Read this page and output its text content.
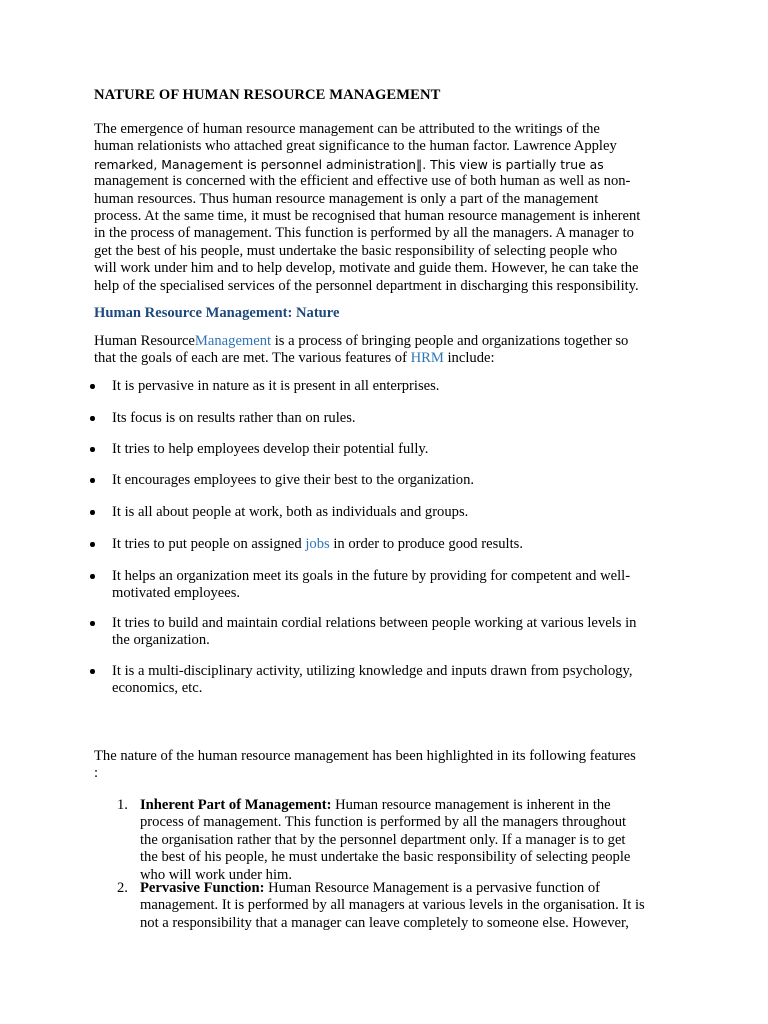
NATURE OF HUMAN RESOURCE MANAGEMENT
The emergence of human resource management can be attributed to the writings of the
human relationists who attached great significance to the human factor. Lawrence Appley
remarked, Management is personnel administration‖. This view is partially true as
management is concerned with the efficient and effective use of both human as well as non-
human resources. Thus human resource management is only a part of the management
process. At the same time, it must be recognised that human resource management is inherent
in the process of management. This function is performed by all the managers. A manager to
get the best of his people, must undertake the basic responsibility of selecting people who
will work under him and to help develop, motivate and guide them. However, he can take the
help of the specialised services of the personnel department in discharging this responsibility.
Human Resource Management: Nature
Human ResourceManagement is a process of bringing people and organizations together so
that the goals of each are met. The various features of HRM include:
It is pervasive in nature as it is present in all enterprises.
Its focus is on results rather than on rules.
It tries to help employees develop their potential fully.
It encourages employees to give their best to the organization.
It is all about people at work, both as individuals and groups.
It tries to put people on assigned jobs in order to produce good results.
It helps an organization meet its goals in the future by providing for competent and well-
motivated employees.
It tries to build and maintain cordial relations between people working at various levels in
the organization.
It is a multi-disciplinary activity, utilizing knowledge and inputs drawn from psychology,
economics, etc.
The nature of the human resource management has been highlighted in its following features
:
1. Inherent Part of Management: Human resource management is inherent in the
process of management. This function is performed by all the managers throughout
the organisation rather that by the personnel department only. If a manager is to get
the best of his people, he must undertake the basic responsibility of selecting people
who will work under him.
2. Pervasive Function: Human Resource Management is a pervasive function of
management. It is performed by all managers at various levels in the organisation. It is
not a responsibility that a manager can leave completely to someone else. However,
